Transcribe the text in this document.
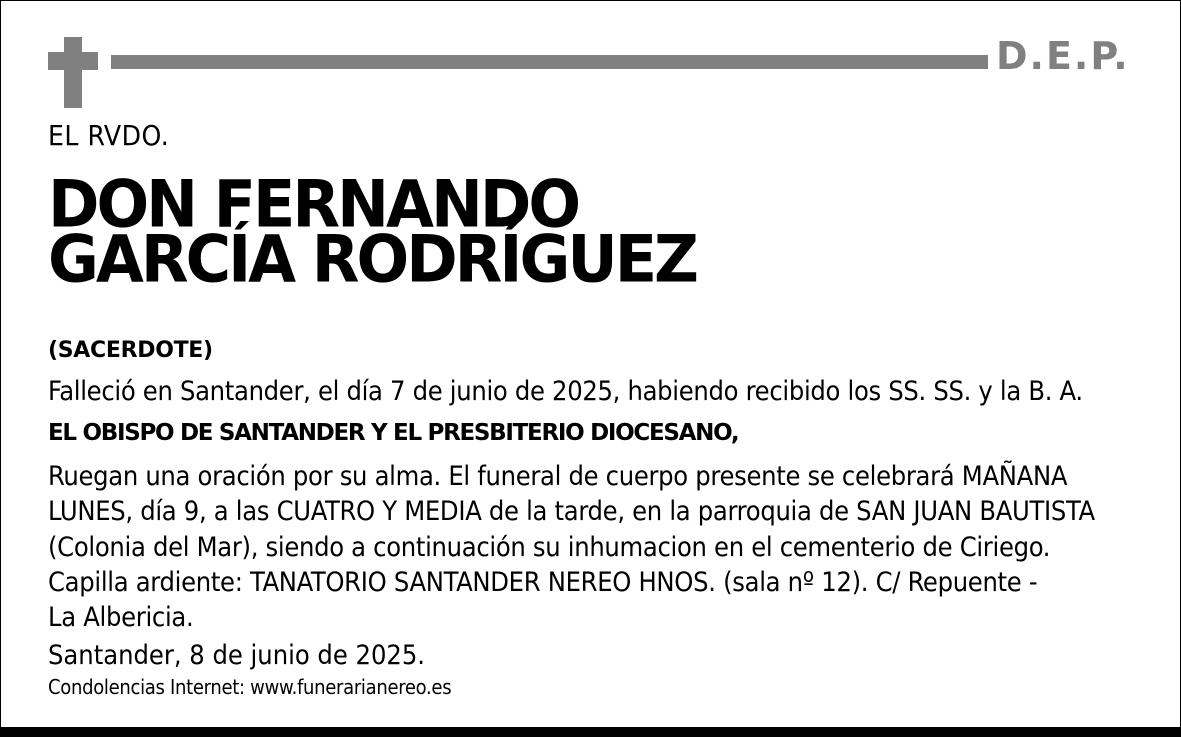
D.E.P.
EL RVDO.
DON FERNANDO
GARCÍA RODRÍGUEZ
(SACERDOTE)
Falleció en Santander, el día 7 de junio de 2025, habiendo recibido los SS. SS. y la B. A.
EL OBISPO DE SANTANDER Y EL PRESBITERIO DIOCESANO,
Ruegan una oración por su alma. El funeral de cuerpo presente se celebrará MAÑANA
LUNES, día 9, a las CUATRO Y MEDIA de la tarde, en la parroquia de SAN JUAN BAUTISTA
(Colonia del Mar), siendo a continuación su inhumacion en el cementerio de Ciriego.
Capilla ardiente: TANATORIO SANTANDER NEREO HNOS. (sala nº 12). C/ Repuente -
La Albericia.
Santander, 8 de junio de 2025.
Condolencias Internet: www.funerarianereo.es
